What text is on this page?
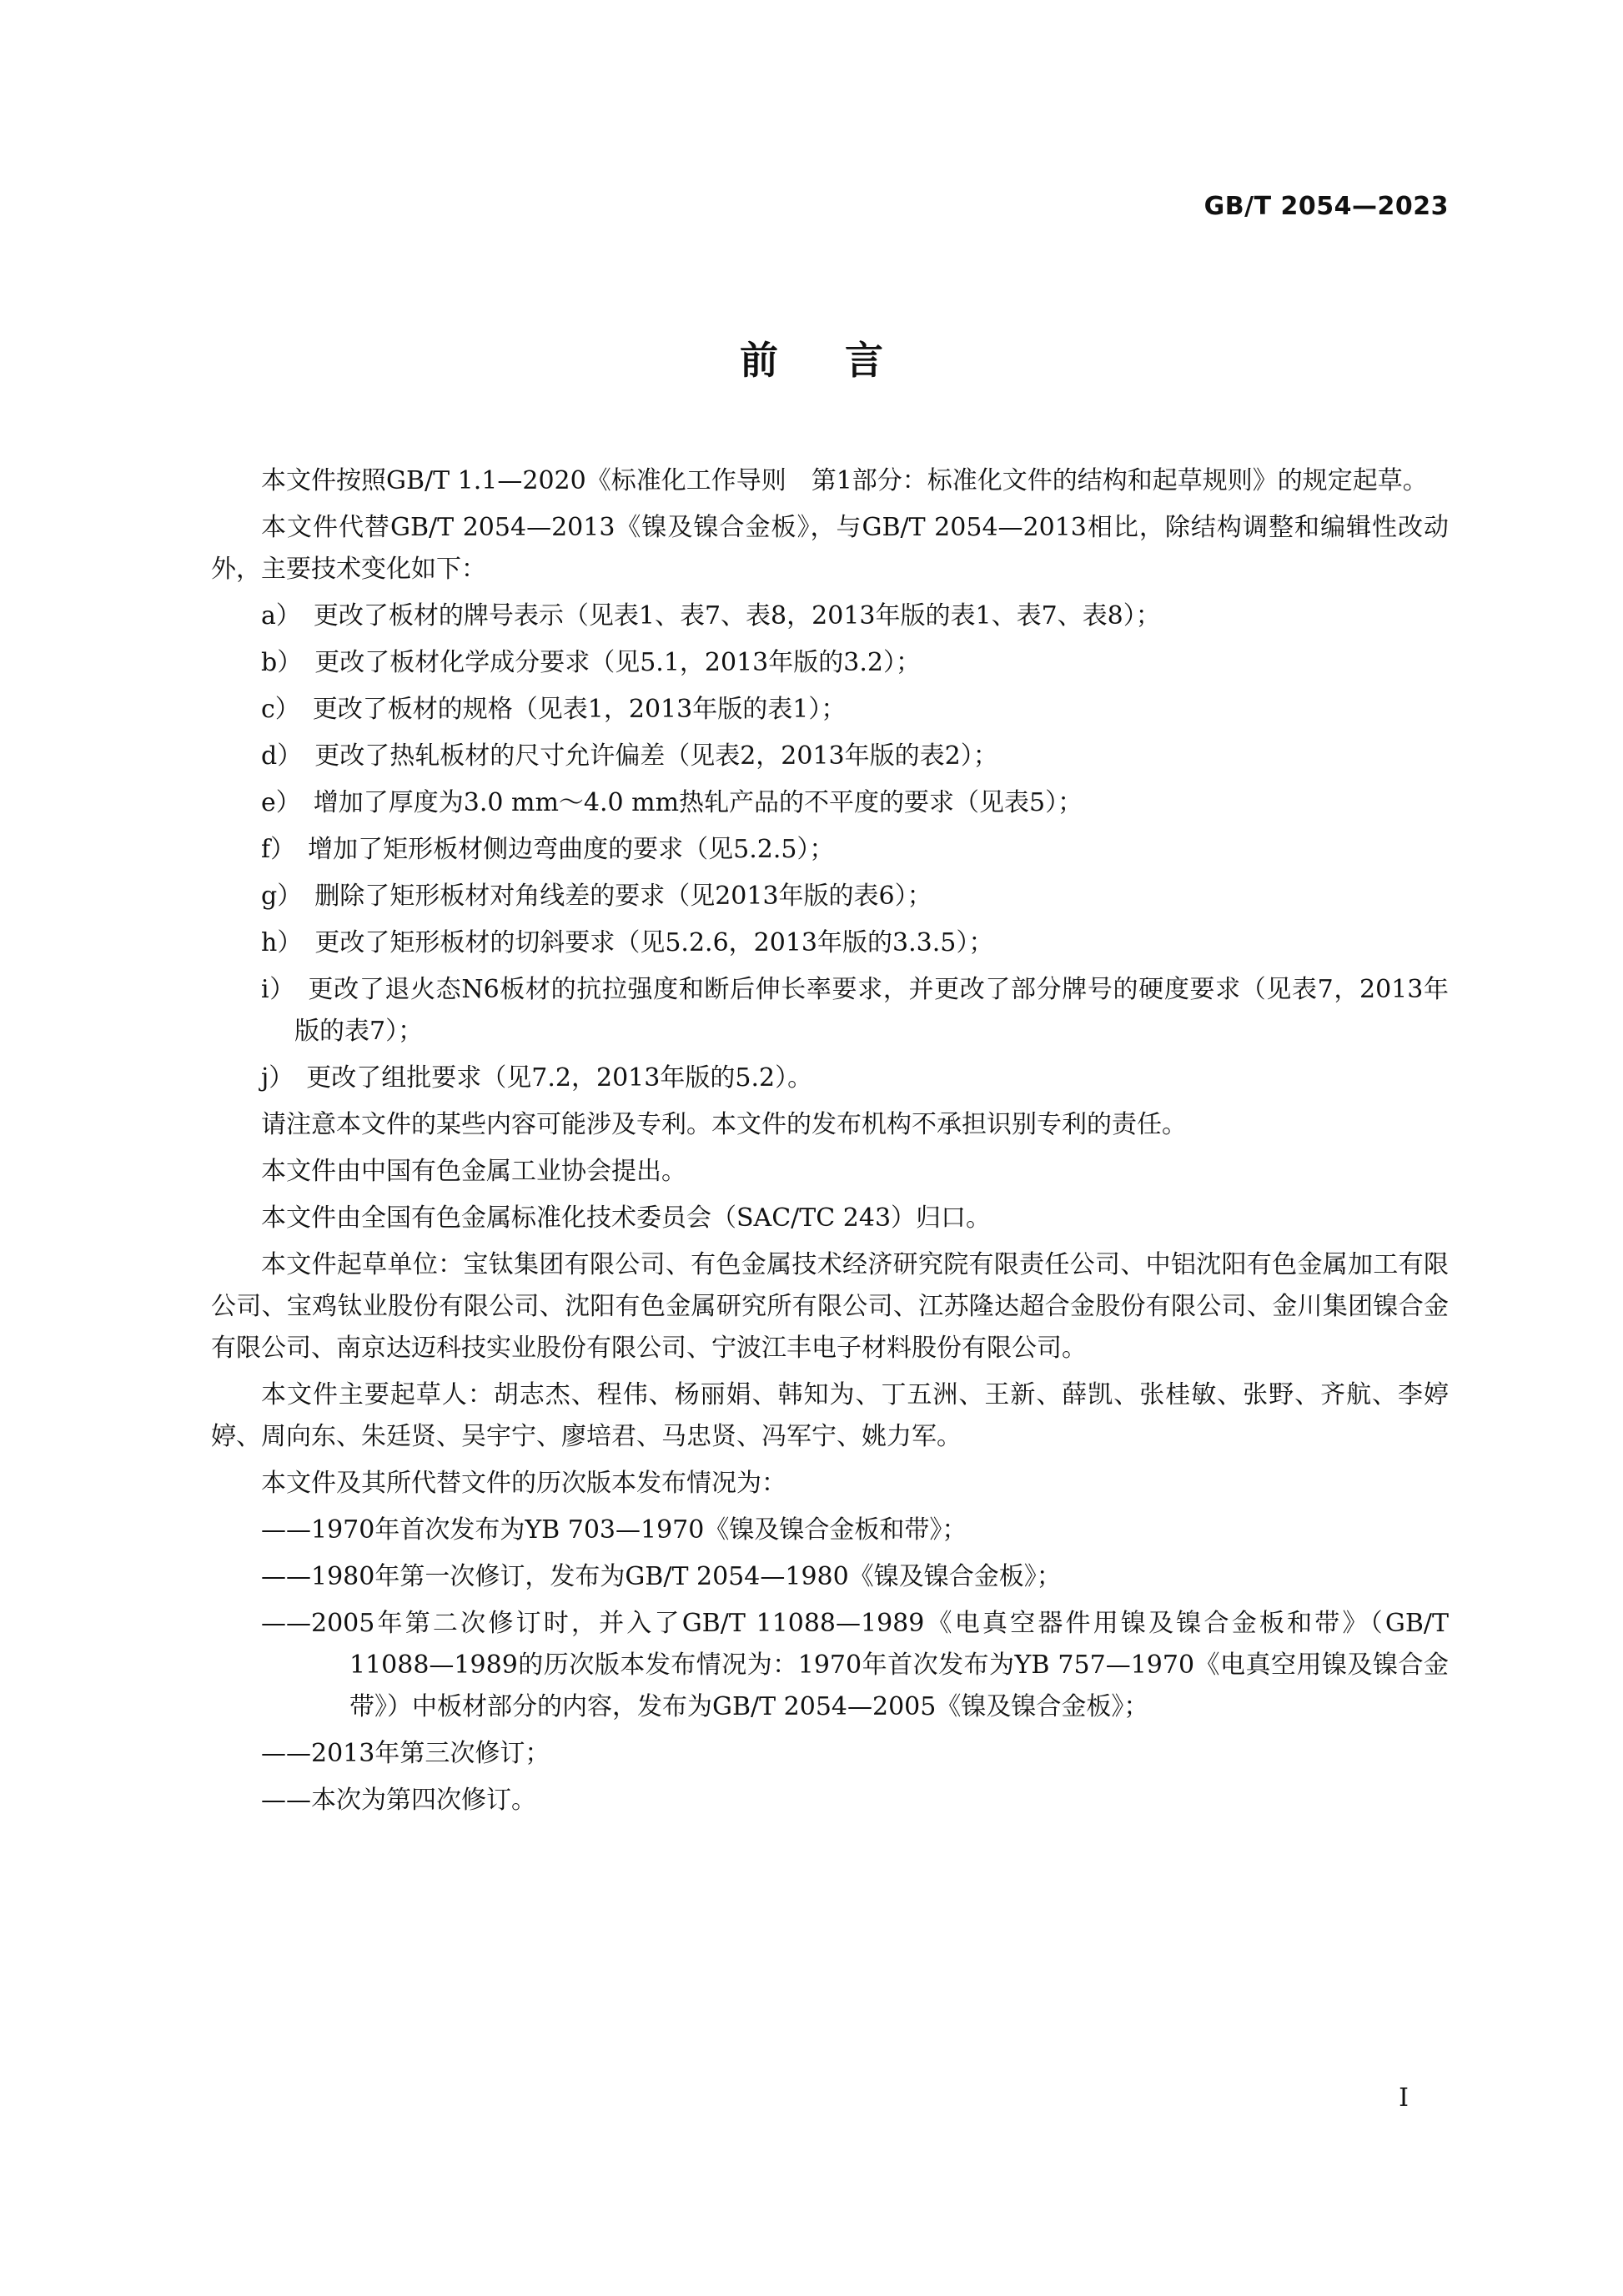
GB/T 2054—2023
前言

本文件按照GB/T 1.1—2020《标准化工作导则　第1部分：标准化文件的结构和起草规则》的规定起草。

本文件代替GB/T 2054—2013《镍及镍合金板》，与GB/T 2054—2013相比，除结构调整和编辑性改动外，主要技术变化如下：

a）　更改了板材的牌号表示（见表1、表7、表8，2013年版的表1、表7、表8）；

b）　更改了板材化学成分要求（见5.1，2013年版的3.2）；

c）　更改了板材的规格（见表1，2013年版的表1）；

d）　更改了热轧板材的尺寸允许偏差（见表2，2013年版的表2）；

e）　增加了厚度为3.0 mm～4.0 mm热轧产品的不平度的要求（见表5）；

f）　增加了矩形板材侧边弯曲度的要求（见5.2.5）；

g）　删除了矩形板材对角线差的要求（见2013年版的表6）；

h）　更改了矩形板材的切斜要求（见5.2.6，2013年版的3.3.5）；

i）　更改了退火态N6板材的抗拉强度和断后伸长率要求，并更改了部分牌号的硬度要求（见表7，2013年版的表7）；

j）　更改了组批要求（见7.2，2013年版的5.2）。

请注意本文件的某些内容可能涉及专利。本文件的发布机构不承担识别专利的责任。

本文件由中国有色金属工业协会提出。

本文件由全国有色金属标准化技术委员会（SAC/TC 243）归口。

本文件起草单位：宝钛集团有限公司、有色金属技术经济研究院有限责任公司、中铝沈阳有色金属加工有限公司、宝鸡钛业股份有限公司、沈阳有色金属研究所有限公司、江苏隆达超合金股份有限公司、金川集团镍合金有限公司、南京达迈科技实业股份有限公司、宁波江丰电子材料股份有限公司。

本文件主要起草人：胡志杰、程伟、杨丽娟、韩知为、丁五洲、王新、薛凯、张桂敏、张野、齐航、李婷婷、周向东、朱廷贤、吴宇宁、廖培君、马忠贤、冯军宁、姚力军。

本文件及其所代替文件的历次版本发布情况为：

——1970年首次发布为YB 703—1970《镍及镍合金板和带》；

——1980年第一次修订，发布为GB/T 2054—1980《镍及镍合金板》；

——2005年第二次修订时，并入了GB/T 11088—1989《电真空器件用镍及镍合金板和带》（GB/T 11088—1989的历次版本发布情况为：1970年首次发布为YB 757—1970《电真空用镍及镍合金带》）中板材部分的内容，发布为GB/T 2054—2005《镍及镍合金板》；

——2013年第三次修订；

——本次为第四次修订。

I
